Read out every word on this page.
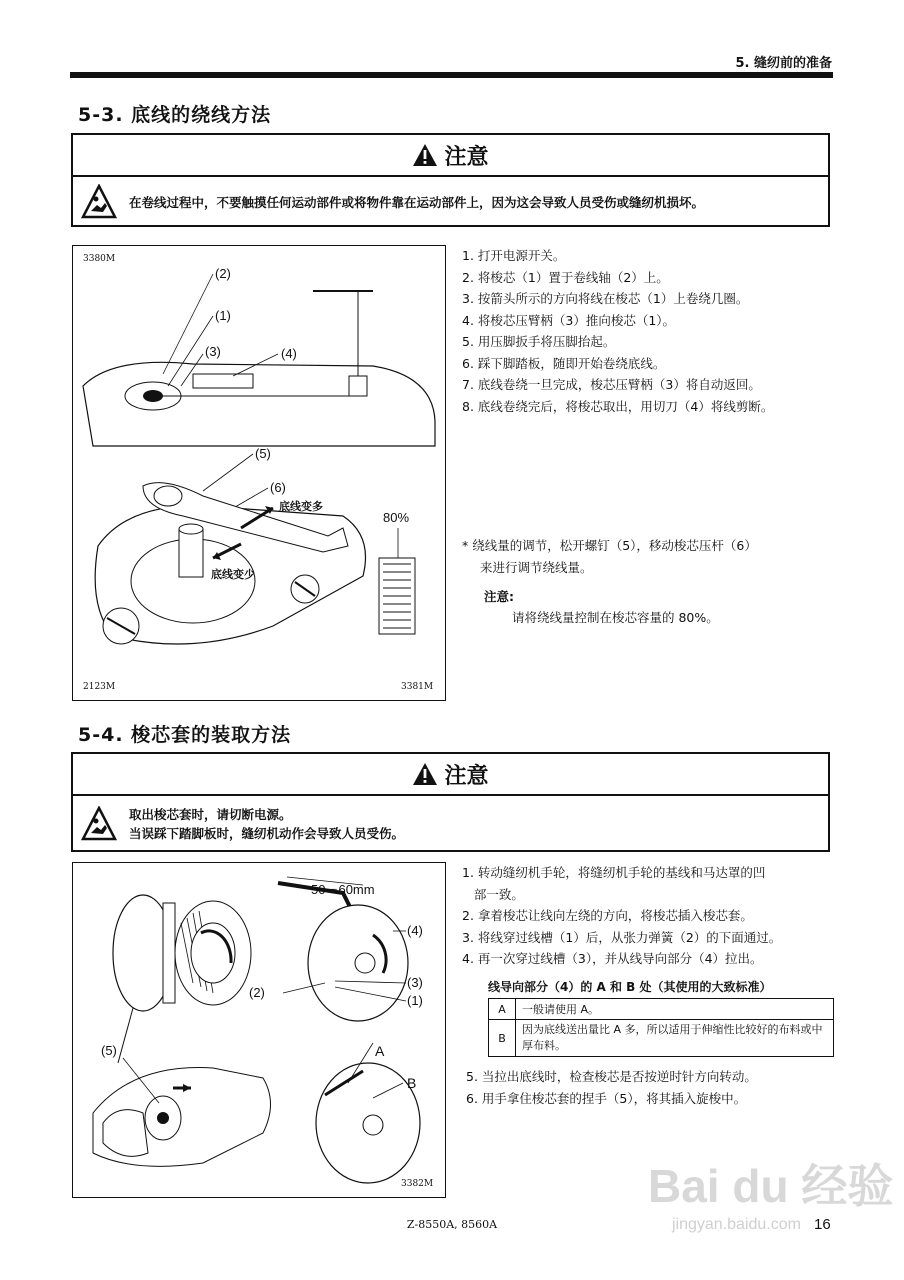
5. 缝纫前的准备
5-3. 底线的绕线方法
注意
在卷线过程中，不要触摸任何运动部件或将物件靠在运动部件上，因为这会导致人员受伤或缝纫机损坏。
3380M
2123M	3381M
(2)
(1)
(3)	(4)
(5)
(6)
底线变多
底线变少
80%
1. 打开电源开关。
2. 将梭芯（1）置于卷线轴（2）上。
3. 按箭头所示的方向将线在梭芯（1）上卷绕几圈。
4. 将梭芯压臂柄（3）推向梭芯（1）。
5. 用压脚扳手将压脚抬起。
6. 踩下脚踏板，随即开始卷绕底线。
7. 底线卷绕一旦完成，梭芯压臂柄（3）将自动返回。
8. 底线卷绕完后，将梭芯取出，用切刀（4）将线剪断。
* 绕线量的调节，松开螺钉（5），移动梭芯压杆（6）
来进行调节绕线量。
注意:
请将绕线量控制在梭芯容量的 80%。
5-4. 梭芯套的装取方法
注意
取出梭芯套时，请切断电源。
当误踩下踏脚板时，缝纫机动作会导致人员受伤。
3382M
50－60mm
(4)
(3)
(1)
(2)
(5)	A
B
1. 转动缝纫机手轮，将缝纫机手轮的基线和马达罩的凹
部一致。
2. 拿着梭芯让线向左绕的方向，将梭芯插入梭芯套。
3. 将线穿过线槽（1）后，从张力弹簧（2）的下面通过。
4. 再一次穿过线槽（3），并从线导向部分（4）拉出。
线导向部分（4）的 A 和 B 处（其使用的大致标准）
A	一般请使用 A。
B	因为底线送出量比 A 多，所以适用于伸缩性比较好的布料或中厚布料。
5. 当拉出底线时，检查梭芯是否按逆时针方向转动。
6. 用手拿住梭芯套的捏手（5），将其插入旋梭中。
Bai du 经验
jingyan.baidu.com
Z-8550A, 8560A	16
